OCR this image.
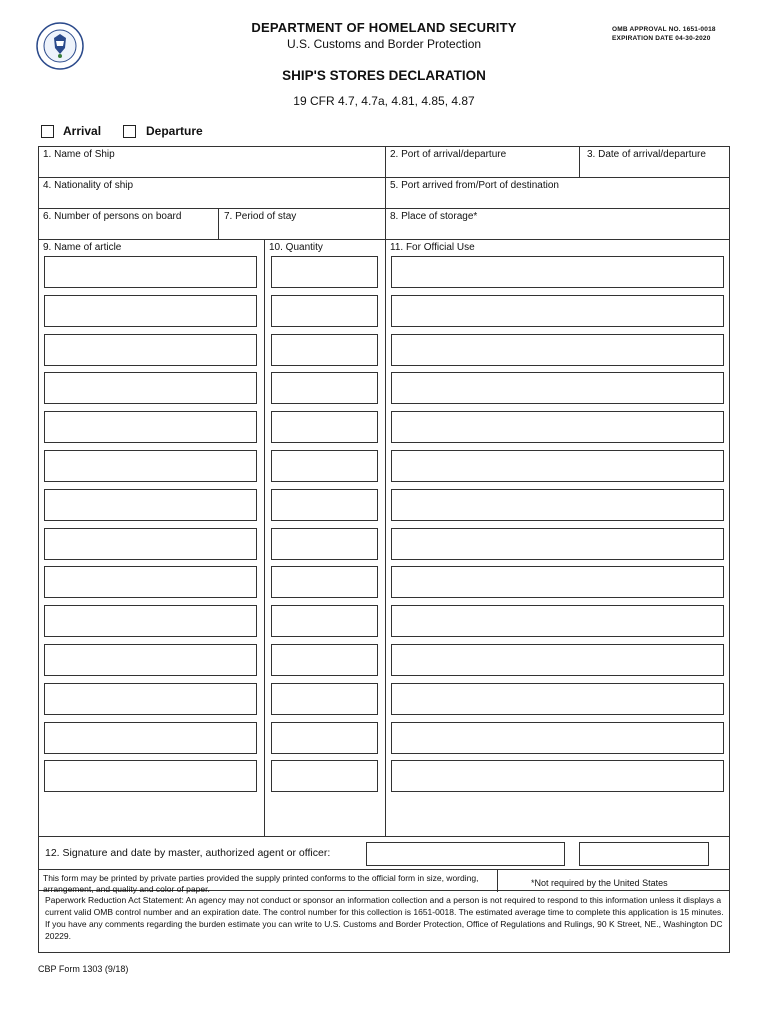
DEPARTMENT OF HOMELAND SECURITY
U.S. Customs and Border Protection
OMB APPROVAL NO. 1651-0018
EXPIRATION DATE 04-30-2020
SHIP'S STORES DECLARATION
19 CFR 4.7, 4.7a, 4.81, 4.85, 4.87
Arrival	Departure
1. Name of Ship	2. Port of arrival/departure	3. Date of arrival/departure
4. Nationality of ship	5. Port arrived from/Port of destination
6. Number of persons on board	7. Period of stay	8. Place of storage*
9. Name of article	10. Quantity	11. For Official Use
12. Signature and date by master, authorized agent or officer:
This form may be printed by private parties provided the supply printed conforms to the official form in size, wording, arrangement, and quality and color of paper.
*Not required by the United States
Paperwork Reduction Act Statement: An agency may not conduct or sponsor an information collection and a person is not required to respond to this information unless it displays a current valid OMB control number and an expiration date. The control number for this collection is 1651-0018. The estimated average time to complete this application is 15 minutes. If you have any comments regarding the burden estimate you can write to U.S. Customs and Border Protection, Office of Regulations and Rulings, 90 K Street, NE., Washington DC 20229.
CBP Form 1303 (9/18)
